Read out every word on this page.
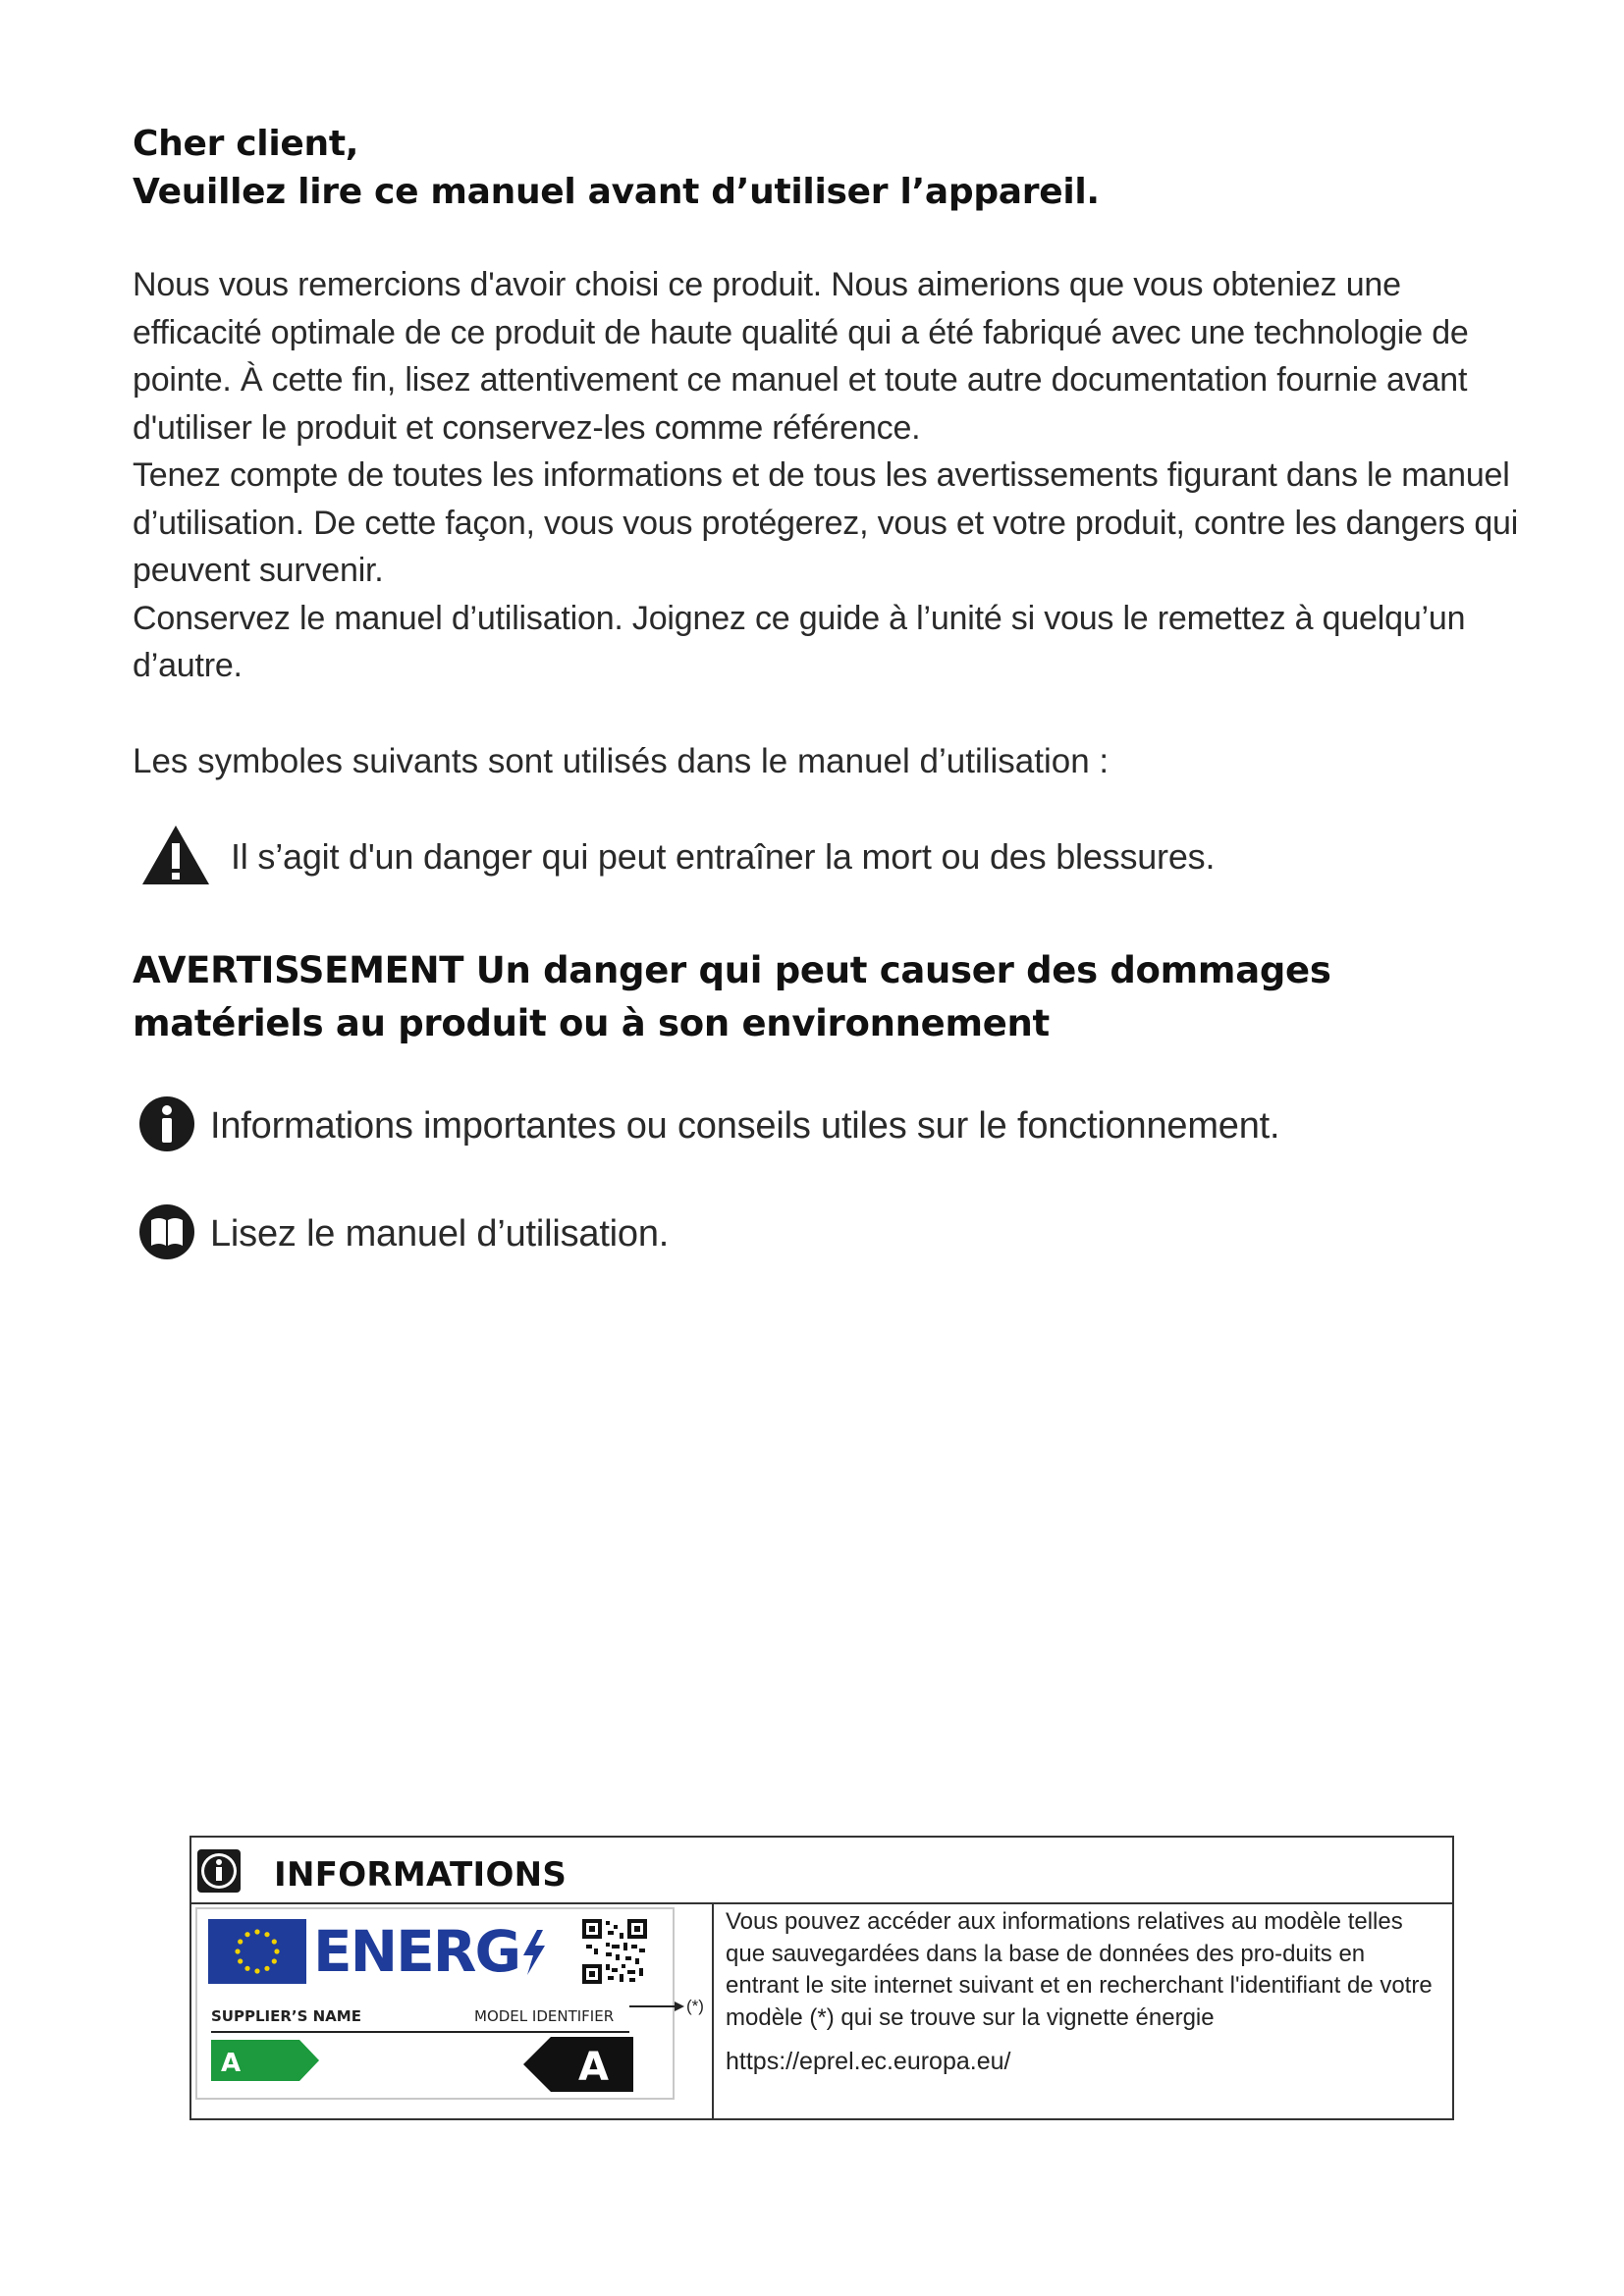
Cher client,
Veuillez lire ce manuel avant d’utiliser l’appareil.

Nous vous remercions d'avoir choisi ce produit. Nous aimerions que vous obteniez une efficacité optimale de ce produit de haute qualité qui a été fabriqué avec une technologie de pointe. À cette fin, lisez attentivement ce manuel et toute autre documentation fournie avant d'utiliser le produit et conservez-les comme référence.

Tenez compte de toutes les informations et de tous les avertissements figurant dans le manuel d’utilisation. De cette façon, vous vous protégerez, vous et votre produit, contre les dangers qui peuvent survenir.

Conservez le manuel d’utilisation. Joignez ce guide à l’unité si vous le remettez à quelqu’un d’autre.

Les symboles suivants sont utilisés dans le manuel d’utilisation :
Il s’agit d'un danger qui peut entraîner la mort ou des blessures.
AVERTISSEMENT Un danger qui peut causer des dommages
matériels au produit ou à son environnement
Informations importantes ou conseils utiles sur le fonctionnement.
Lisez le manuel d’utilisation.
INFORMATIONS
ENERG
SUPPLIER’S NAME	MODEL IDENTIFIER
A	A
(*)
Vous pouvez accéder aux informations relatives au modèle telles que sauvegardées dans la base de données des pro-duits en entrant le site internet suivant et en recherchant l'identifiant de votre modèle (*) qui se trouve sur la vignette énergie
https://eprel.ec.europa.eu/
